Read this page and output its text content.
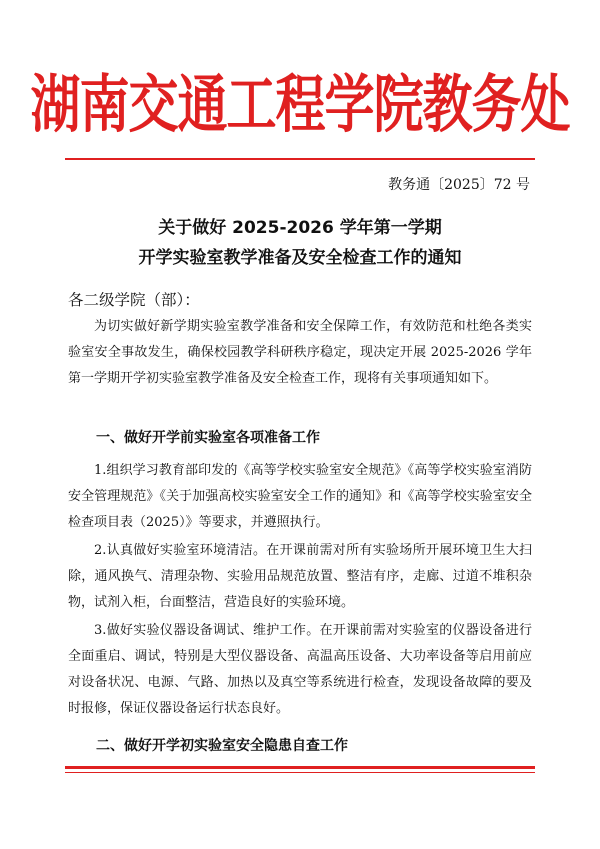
湖南交通工程学院教务处
教务通〔2025〕72 号
关于做好 2025-2026 学年第一学期
开学实验室教学准备及安全检查工作的通知
各二级学院（部）：

为切实做好新学期实验室教学准备和安全保障工作，有效防范和杜绝各类实验室安全事故发生，确保校园教学科研秩序稳定，现决定开展 2025-2026 学年第一学期开学初实验室教学准备及安全检查工作，现将有关事项通知如下。

一、做好开学前实验室各项准备工作

1.组织学习教育部印发的《高等学校实验室安全规范》《高等学校实验室消防安全管理规范》《关于加强高校实验室安全工作的通知》和《高等学校实验室安全检查项目表（2025）》等要求，并遵照执行。

2.认真做好实验室环境清洁。在开课前需对所有实验场所开展环境卫生大扫除，通风换气、清理杂物、实验用品规范放置、整洁有序，走廊、过道不堆积杂物，试剂入柜，台面整洁，营造良好的实验环境。

3.做好实验仪器设备调试、维护工作。在开课前需对实验室的仪器设备进行全面重启、调试，特别是大型仪器设备、高温高压设备、大功率设备等启用前应对设备状况、电源、气路、加热以及真空等系统进行检查，发现设备故障的要及时报修，保证仪器设备运行状态良好。

二、做好开学初实验室安全隐患自查工作
